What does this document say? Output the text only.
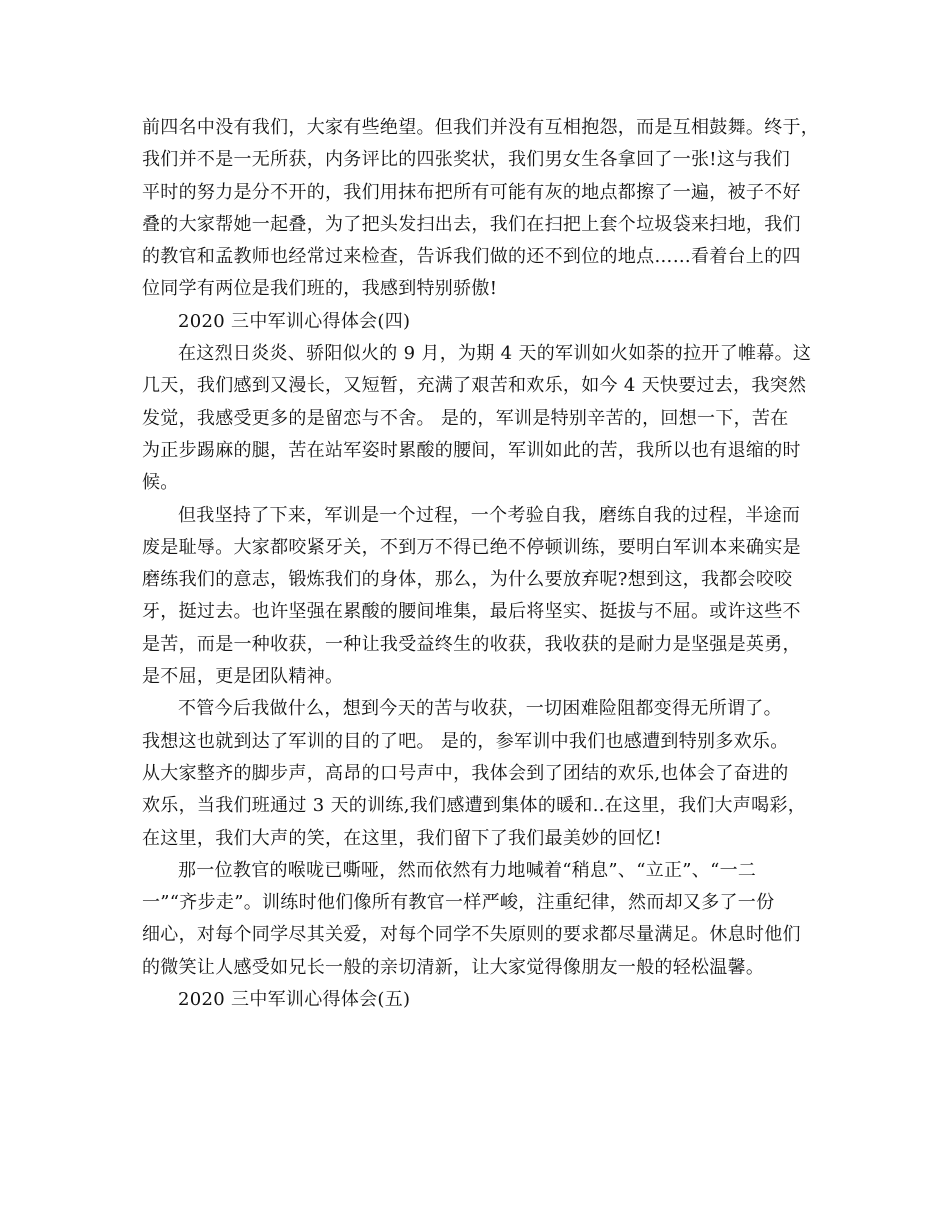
前四名中没有我们，大家有些绝望。但我们并没有互相抱怨，而是互相鼓舞。终于，
我们并不是一无所获，内务评比的四张奖状，我们男女生各拿回了一张!这与我们
平时的努力是分不开的，我们用抹布把所有可能有灰的地点都擦了一遍，被子不好
叠的大家帮她一起叠，为了把头发扫出去，我们在扫把上套个垃圾袋来扫地，我们
的教官和孟教师也经常过来检查，告诉我们做的还不到位的地点……看着台上的四
位同学有两位是我们班的，我感到特别骄傲!
2020 三中军训心得体会(四)
在这烈日炎炎、骄阳似火的 9 月，为期 4 天的军训如火如荼的拉开了帷幕。这
几天，我们感到又漫长，又短暂，充满了艰苦和欢乐，如今 4 天快要过去，我突然
发觉，我感受更多的是留恋与不舍。 是的，军训是特别辛苦的，回想一下，苦在
为正步踢麻的腿，苦在站军姿时累酸的腰间，军训如此的苦，我所以也有退缩的时
候。
但我坚持了下来，军训是一个过程，一个考验自我，磨练自我的过程，半途而
废是耻辱。大家都咬紧牙关，不到万不得已绝不停顿训练，要明白军训本来确实是
磨练我们的意志，锻炼我们的身体，那么，为什么要放弃呢?想到这，我都会咬咬
牙，挺过去。也许坚强在累酸的腰间堆集，最后将坚实、挺拔与不屈。或许这些不
是苦，而是一种收获，一种让我受益终生的收获，我收获的是耐力是坚强是英勇，
是不屈，更是团队精神。
不管今后我做什么，想到今天的苦与收获，一切困难险阻都变得无所谓了。
我想这也就到达了军训的目的了吧。 是的，参军训中我们也感遭到特别多欢乐。
从大家整齐的脚步声，高昂的口号声中，我体会到了团结的欢乐,也体会了奋进的
欢乐，当我们班通过 3 天的训练,我们感遭到集体的暖和..在这里，我们大声喝彩，
在这里，我们大声的笑，在这里，我们留下了我们最美妙的回忆!
那一位教官的喉咙已嘶哑，然而依然有力地喊着“稍息”、“立正”、“一二
一”“齐步走”。训练时他们像所有教官一样严峻，注重纪律，然而却又多了一份
细心，对每个同学尽其关爱，对每个同学不失原则的要求都尽量满足。休息时他们
的微笑让人感受如兄长一般的亲切清新，让大家觉得像朋友一般的轻松温馨。
2020 三中军训心得体会(五)
